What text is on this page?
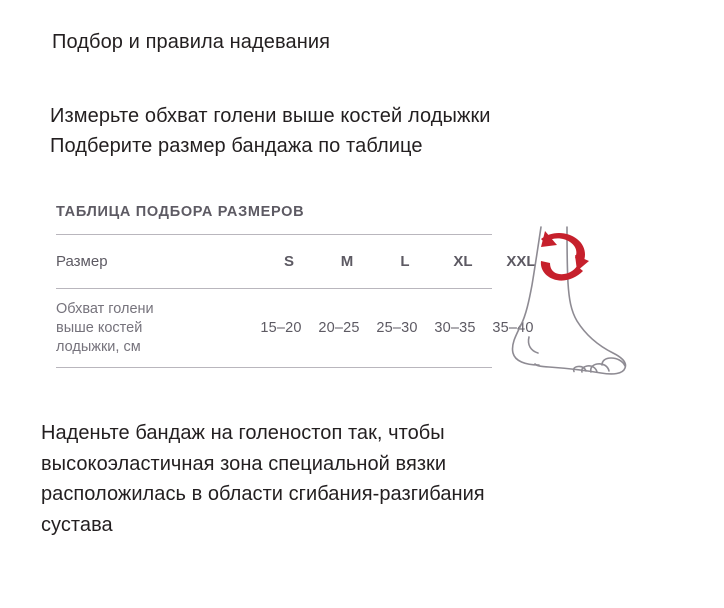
Подбор и правила надевания
Измерьте обхват голени выше костей лодыжки
Подберите размер бандажа по таблице
ТАБЛИЦА ПОДБОРА РАЗМЕРОВ
Размер	S	M	L	XL	XXL
Обхват голени
выше костей
лодыжки, см
15–20	20–25	25–30	30–35	35–40
Наденьте бандаж на голеностоп так, чтобы
высокоэластичная зона специальной вязки
расположилась в области сгибания-разгибания
сустава
